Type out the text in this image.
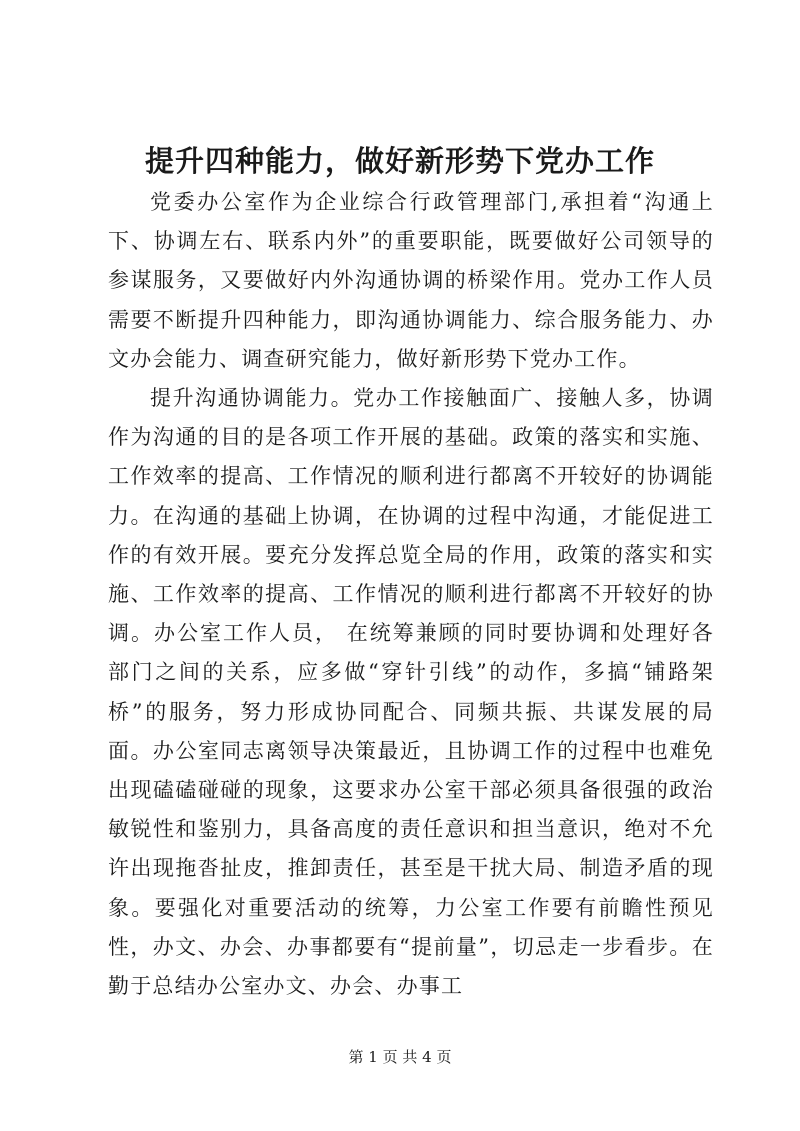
提升四种能力，做好新形势下党办工作

党委办公室作为企业综合行政管理部门,承担着“沟通上下、协调左右、联系内外”的重要职能，既要做好公司领导的参谋服务，又要做好内外沟通协调的桥梁作用。党办工作人员需要不断提升四种能力，即沟通协调能力、综合服务能力、办文办会能力、调查研究能力，做好新形势下党办工作。

提升沟通协调能力。党办工作接触面广、接触人多，协调作为沟通的目的是各项工作开展的基础。政策的落实和实施、工作效率的提高、工作情况的顺利进行都离不开较好的协调能力。在沟通的基础上协调，在协调的过程中沟通，才能促进工作的有效开展。要充分发挥总览全局的作用，政策的落实和实施、工作效率的提高、工作情况的顺利进行都离不开较好的协调。办公室工作人员， 在统筹兼顾的同时要协调和处理好各部门之间的关系，应多做“穿针引线”的动作，多搞“铺路架桥”的服务，努力形成协同配合、同频共振、共谋发展的局面。办公室同志离领导决策最近，且协调工作的过程中也难免出现磕磕碰碰的现象，这要求办公室干部必须具备很强的政治敏锐性和鉴别力，具备高度的责任意识和担当意识，绝对不允许出现拖沓扯皮，推卸责任，甚至是干扰大局、制造矛盾的现象。要强化对重要活动的统筹，力公室工作要有前瞻性预见性，办文、办会、办事都要有“提前量”，切忌走一步看步。在勤于总结办公室办文、办会、办事工

第 1 页 共 4 页
